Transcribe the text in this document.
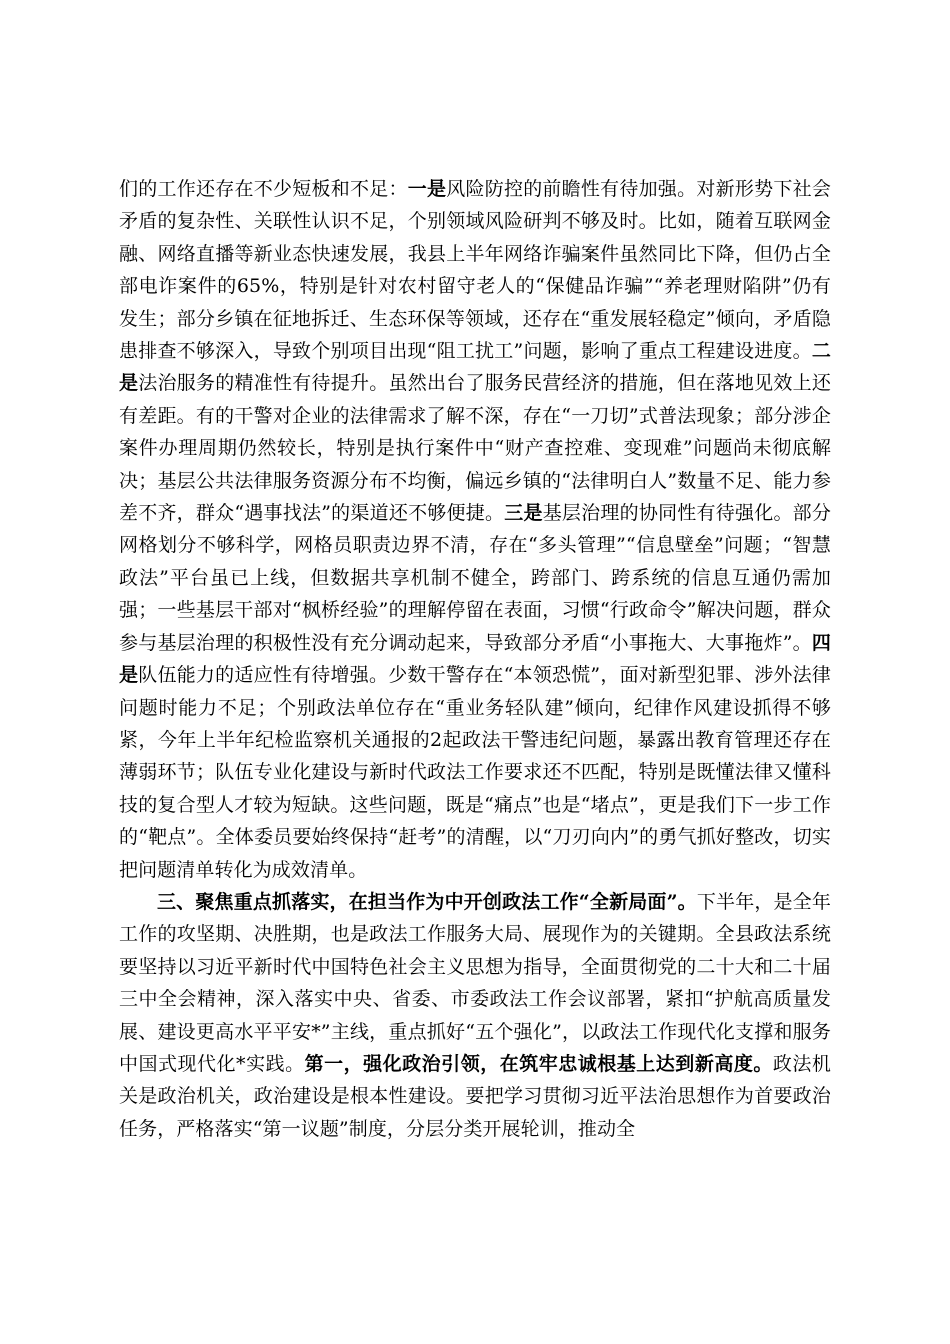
们的工作还存在不少短板和不足：一是风险防控的前瞻性有待加强。对新形势下社会矛盾的复杂性、关联性认识不足，个别领域风险研判不够及时。比如，随着互联网金融、网络直播等新业态快速发展，我县上半年网络诈骗案件虽然同比下降，但仍占全部电诈案件的65%，特别是针对农村留守老人的“保健品诈骗”“养老理财陷阱”仍有发生；部分乡镇在征地拆迁、生态环保等领域，还存在“重发展轻稳定”倾向，矛盾隐患排查不够深入，导致个别项目出现“阻工扰工”问题，影响了重点工程建设进度。二是法治服务的精准性有待提升。虽然出台了服务民营经济的措施，但在落地见效上还有差距。有的干警对企业的法律需求了解不深，存在“一刀切”式普法现象；部分涉企案件办理周期仍然较长，特别是执行案件中“财产查控难、变现难”问题尚未彻底解决；基层公共法律服务资源分布不均衡，偏远乡镇的“法律明白人”数量不足、能力参差不齐，群众“遇事找法”的渠道还不够便捷。三是基层治理的协同性有待强化。部分网格划分不够科学，网格员职责边界不清，存在“多头管理”“信息壁垒”问题；“智慧政法”平台虽已上线，但数据共享机制不健全，跨部门、跨系统的信息互通仍需加强；一些基层干部对“枫桥经验”的理解停留在表面，习惯“行政命令”解决问题，群众参与基层治理的积极性没有充分调动起来，导致部分矛盾“小事拖大、大事拖炸”。四是队伍能力的适应性有待增强。少数干警存在“本领恐慌”，面对新型犯罪、涉外法律问题时能力不足；个别政法单位存在“重业务轻队建”倾向，纪律作风建设抓得不够紧，今年上半年纪检监察机关通报的2起政法干警违纪问题，暴露出教育管理还存在薄弱环节；队伍专业化建设与新时代政法工作要求还不匹配，特别是既懂法律又懂科技的复合型人才较为短缺。这些问题，既是“痛点”也是“堵点”，更是我们下一步工作的“靶点”。全体委员要始终保持“赶考”的清醒，以“刀刃向内”的勇气抓好整改，切实把问题清单转化为成效清单。

三、聚焦重点抓落实，在担当作为中开创政法工作“全新局面”。下半年，是全年工作的攻坚期、决胜期，也是政法工作服务大局、展现作为的关键期。全县政法系统要坚持以习近平新时代中国特色社会主义思想为指导，全面贯彻党的二十大和二十届三中全会精神，深入落实中央、省委、市委政法工作会议部署，紧扣“护航高质量发展、建设更高水平平安*”主线，重点抓好“五个强化”，以政法工作现代化支撑和服务中国式现代化*实践。第一，强化政治引领，在筑牢忠诚根基上达到新高度。政法机关是政治机关，政治建设是根本性建设。要把学习贯彻习近平法治思想作为首要政治任务，严格落实“第一议题”制度，分层分类开展轮训，推动全
